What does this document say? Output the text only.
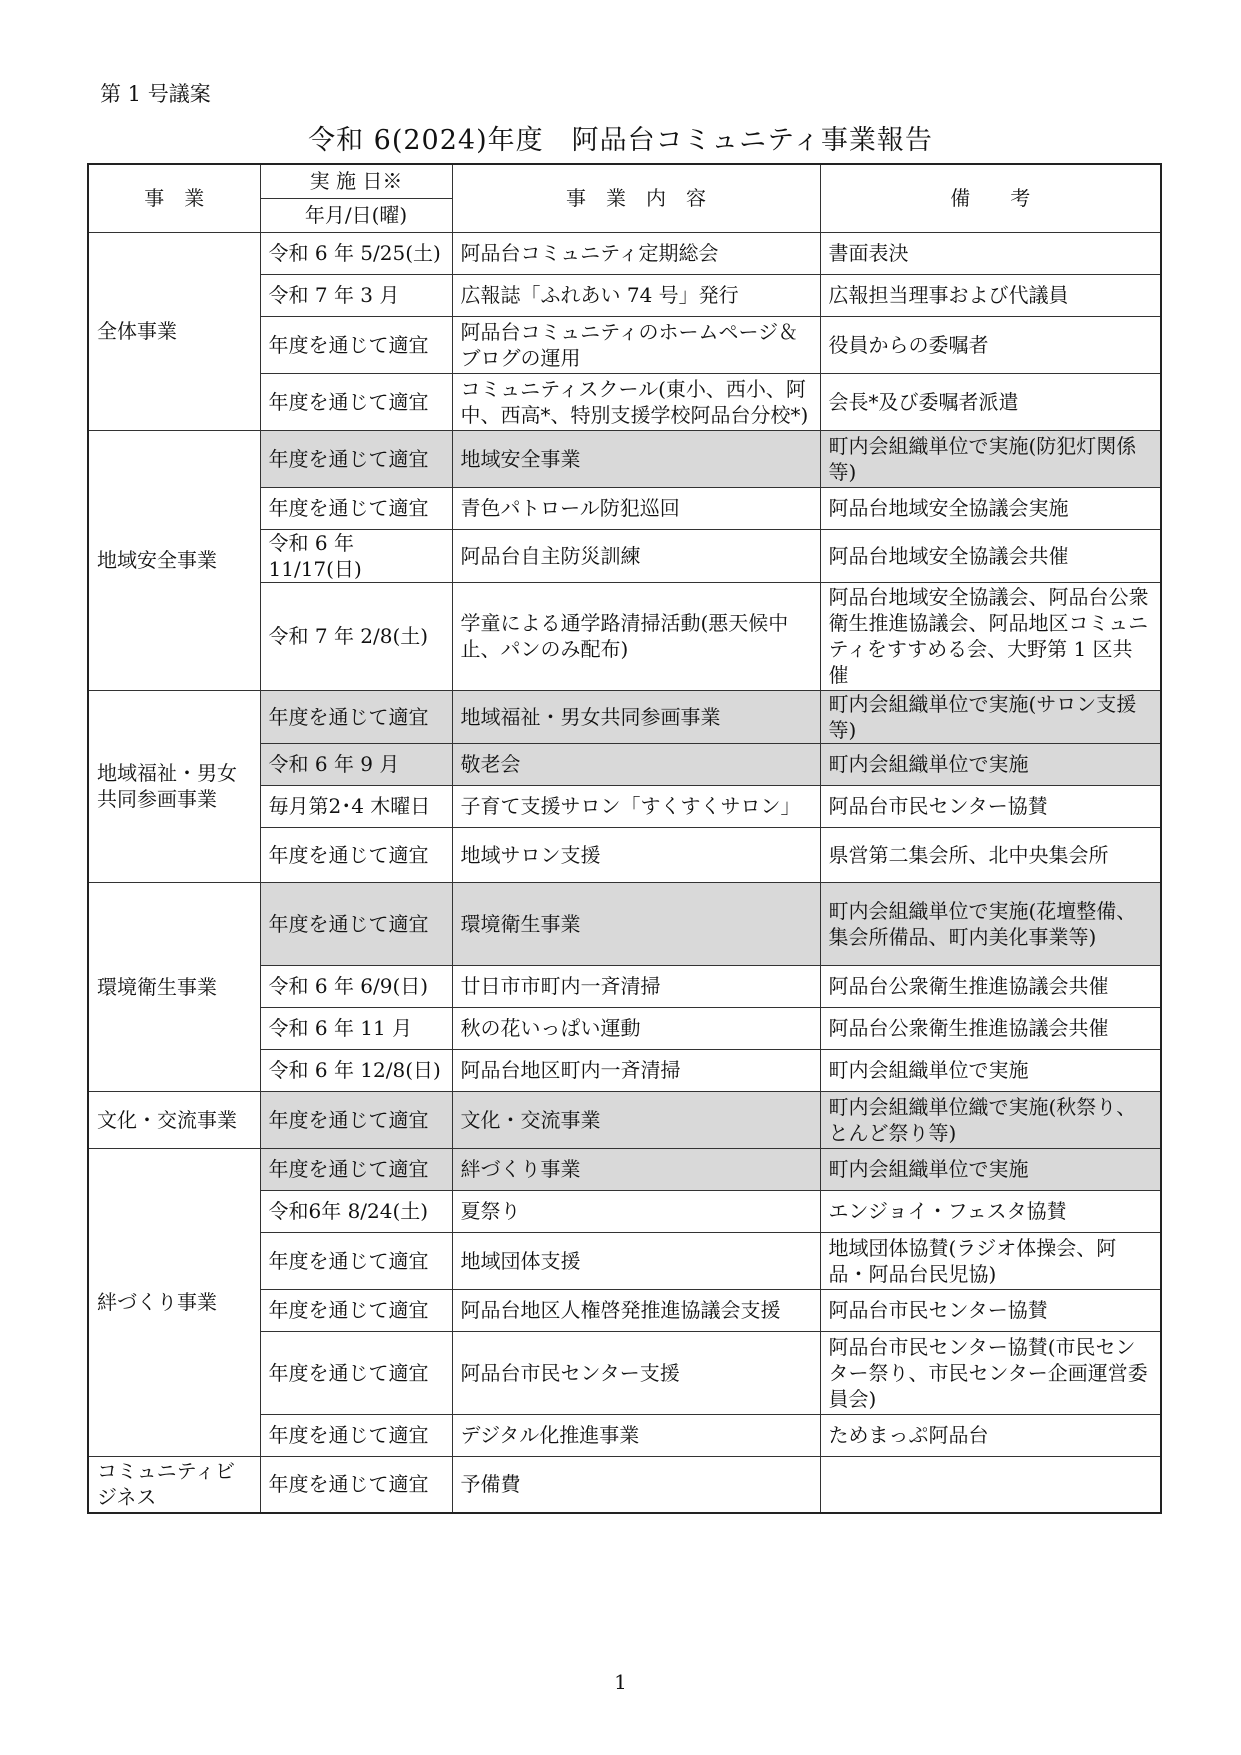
第 1 号議案
令和 6(2024)年度　阿品台コミュニティ事業報告
事　業	実 施 日※	事　業　内　容	備　　考
	年月/日(曜)		
全体事業	令和 6 年 5/25(土)	阿品台コミュニティ定期総会	書面表決
	令和 7 年 3 月	広報誌「ふれあい 74 号」発行	広報担当理事および代議員
	年度を通じて適宜	阿品台コミュニティのホームページ＆ブログの運用	役員からの委嘱者
	年度を通じて適宜	コミュニティスクール(東小、西小、阿中、西高*、特別支援学校阿品台分校*)	会長*及び委嘱者派遣
地域安全事業	年度を通じて適宜	地域安全事業	町内会組織単位で実施(防犯灯関係等)
	年度を通じて適宜	青色パトロール防犯巡回	阿品台地域安全協議会実施
	令和 6 年 11/17(日)	阿品台自主防災訓練	阿品台地域安全協議会共催
	令和 7 年 2/8(土)	学童による通学路清掃活動(悪天候中止、パンのみ配布)	阿品台地域安全協議会、阿品台公衆衛生推進協議会、阿品地区コミュニティをすすめる会、大野第 1 区共催
地域福祉・男女共同参画事業	年度を通じて適宜	地域福祉・男女共同参画事業	町内会組織単位で実施(サロン支援等)
	令和 6 年 9 月	敬老会	町内会組織単位で実施
	毎月第2･4 木曜日	子育て支援サロン「すくすくサロン」	阿品台市民センター協賛
	年度を通じて適宜	地域サロン支援	県営第二集会所、北中央集会所
環境衛生事業	年度を通じて適宜	環境衛生事業	町内会組織単位で実施(花壇整備、集会所備品、町内美化事業等)
	令和 6 年 6/9(日)	廿日市市町内一斉清掃	阿品台公衆衛生推進協議会共催
	令和 6 年 11 月	秋の花いっぱい運動	阿品台公衆衛生推進協議会共催
	令和 6 年 12/8(日)	阿品台地区町内一斉清掃	町内会組織単位で実施
文化・交流事業	年度を通じて適宜	文化・交流事業	町内会組織単位織で実施(秋祭り、とんど祭り等)
絆づくり事業	年度を通じて適宜	絆づくり事業	町内会組織単位で実施
	令和6年 8/24(土)	夏祭り	エンジョイ・フェスタ協賛
	年度を通じて適宜	地域団体支援	地域団体協賛(ラジオ体操会、阿品・阿品台民児協)
	年度を通じて適宜	阿品台地区人権啓発推進協議会支援	阿品台市民センター協賛
	年度を通じて適宜	阿品台市民センター支援	阿品台市民センター協賛(市民センター祭り、市民センター企画運営委員会)
	年度を通じて適宜	デジタル化推進事業	ためまっぷ阿品台
コミュニティビジネス	年度を通じて適宜	予備費	
1
